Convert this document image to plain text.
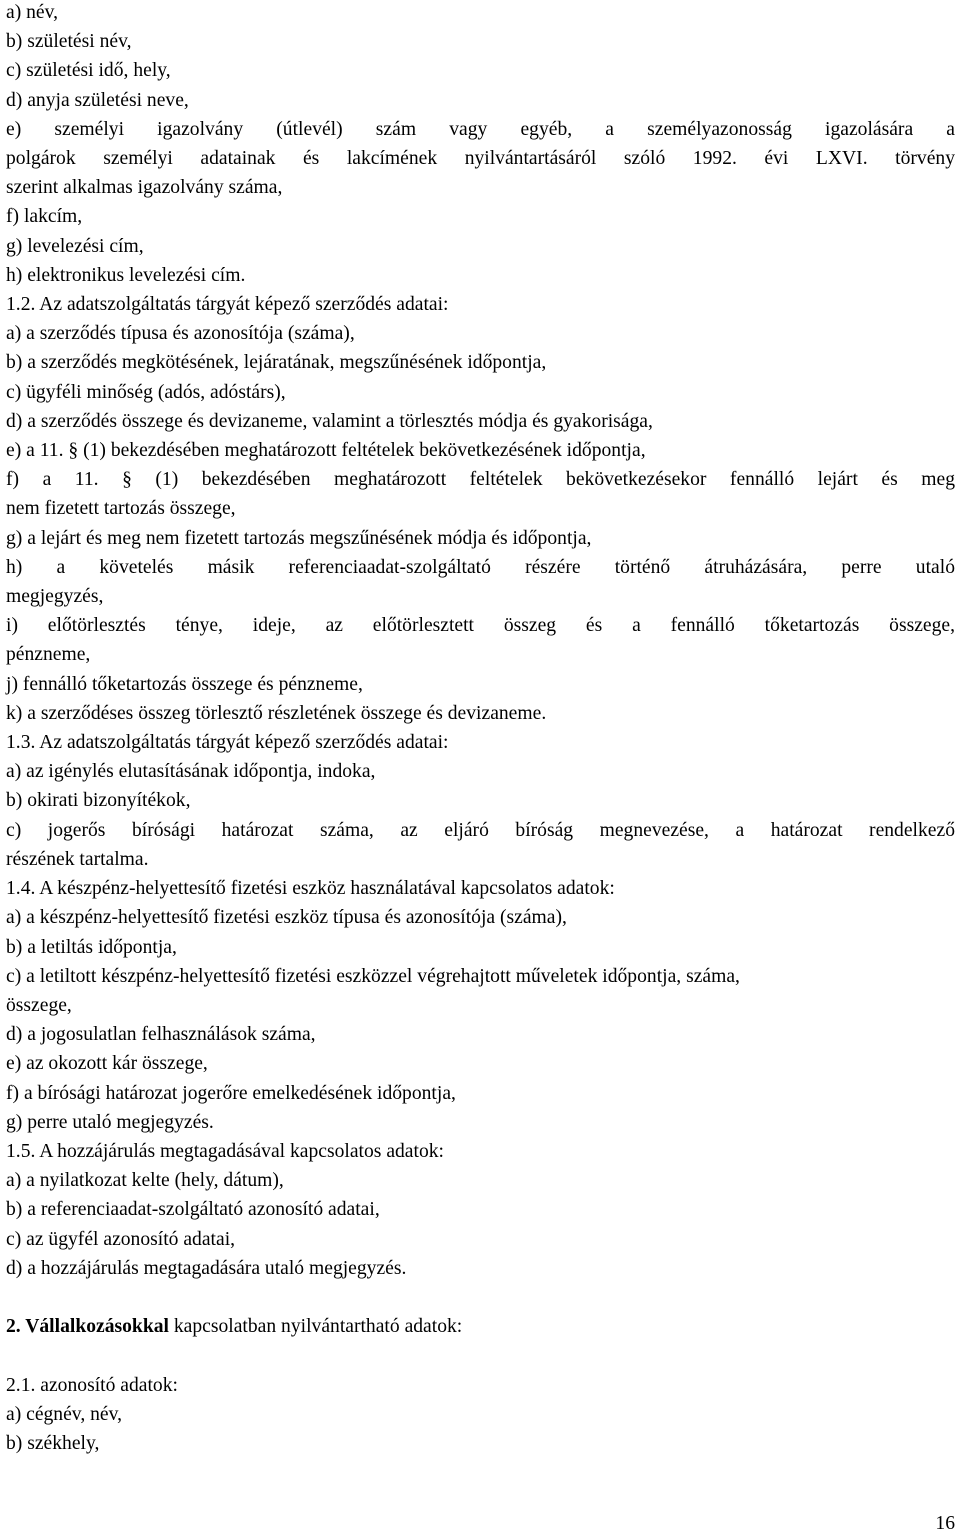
a) név,
b) születési név,
c) születési idő, hely,
d) anyja születési neve,
e) személyi igazolvány (útlevél) szám vagy egyéb, a személyazonosság igazolására a
polgárok személyi adatainak és lakcímének nyilvántartásáról szóló 1992. évi LXVI. törvény
szerint alkalmas igazolvány száma,
f) lakcím,
g) levelezési cím,
h) elektronikus levelezési cím.
1.2. Az adatszolgáltatás tárgyát képező szerződés adatai:
a) a szerződés típusa és azonosítója (száma),
b) a szerződés megkötésének, lejáratának, megszűnésének időpontja,
c) ügyféli minőség (adós, adóstárs),
d) a szerződés összege és devizaneme, valamint a törlesztés módja és gyakorisága,
e) a 11. § (1) bekezdésében meghatározott feltételek bekövetkezésének időpontja,
f) a 11. § (1) bekezdésében meghatározott feltételek bekövetkezésekor fennálló lejárt és meg
nem fizetett tartozás összege,
g) a lejárt és meg nem fizetett tartozás megszűnésének módja és időpontja,
h) a követelés másik referenciaadat-szolgáltató részére történő átruházására, perre utaló
megjegyzés,
i) előtörlesztés ténye, ideje, az előtörlesztett összeg és a fennálló tőketartozás összege,
pénzneme,
j) fennálló tőketartozás összege és pénzneme,
k) a szerződéses összeg törlesztő részletének összege és devizaneme.
1.3. Az adatszolgáltatás tárgyát képező szerződés adatai:
a) az igénylés elutasításának időpontja, indoka,
b) okirati bizonyítékok,
c) jogerős bírósági határozat száma, az eljáró bíróság megnevezése, a határozat rendelkező
részének tartalma.
1.4. A készpénz-helyettesítő fizetési eszköz használatával kapcsolatos adatok:
a) a készpénz-helyettesítő fizetési eszköz típusa és azonosítója (száma),
b) a letiltás időpontja,
c) a letiltott készpénz-helyettesítő fizetési eszközzel végrehajtott műveletek időpontja, száma,
összege,
d) a jogosulatlan felhasználások száma,
e) az okozott kár összege,
f) a bírósági határozat jogerőre emelkedésének időpontja,
g) perre utaló megjegyzés.
1.5. A hozzájárulás megtagadásával kapcsolatos adatok:
a) a nyilatkozat kelte (hely, dátum),
b) a referenciaadat-szolgáltató azonosító adatai,
c) az ügyfél azonosító adatai,
d) a hozzájárulás megtagadására utaló megjegyzés.
2. Vállalkozásokkal kapcsolatban nyilvántartható adatok:
2.1. azonosító adatok:
a) cégnév, név,
b) székhely,
16
